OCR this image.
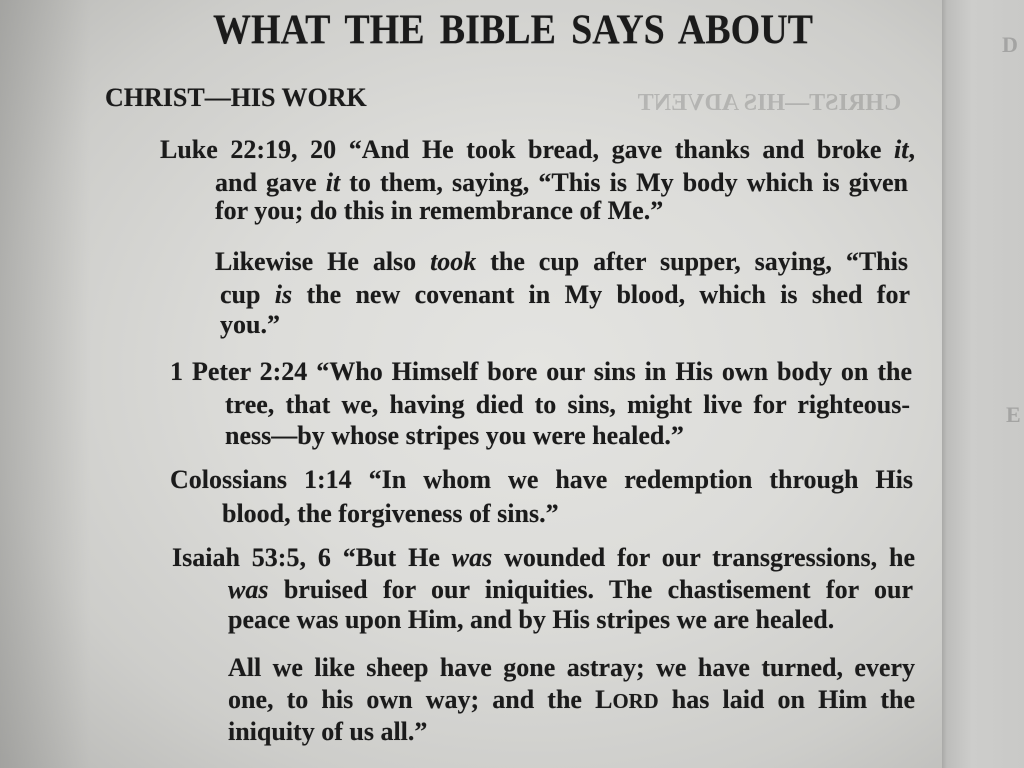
D
E
CHRIST—HIS ADVENT
WHAT THE BIBLE SAYS ABOUT
CHRIST—HIS WORK
Luke 22:19, 20 “And He took bread, gave thanks and broke it,
and gave it to them, saying, “This is My body which is given
for you; do this in remembrance of Me.”
Likewise He also took the cup after supper, saying, “This
cup is the new covenant in My blood, which is shed for
you.”
1 Peter 2:24 “Who Himself bore our sins in His own body on the
tree, that we, having died to sins, might live for righteous-
ness—by whose stripes you were healed.”
Colossians 1:14 “In whom we have redemption through His
blood, the forgiveness of sins.”
Isaiah 53:5, 6 “But He was wounded for our transgressions, he
was bruised for our iniquities. The chastisement for our
peace was upon Him, and by His stripes we are healed.
All we like sheep have gone astray; we have turned, every
one, to his own way; and the LORD has laid on Him the
iniquity of us all.”
